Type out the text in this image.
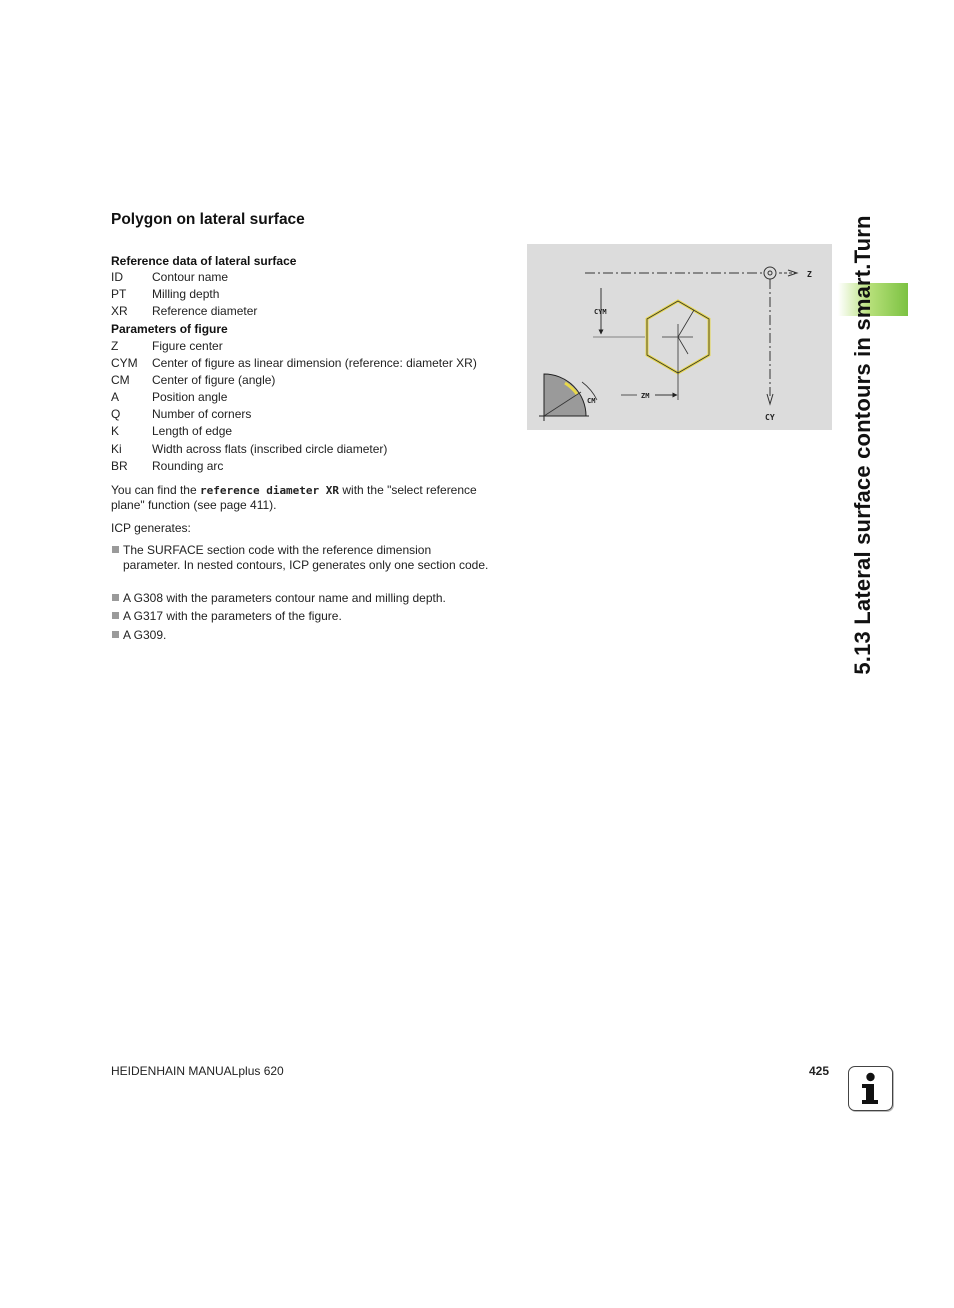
Polygon on lateral surface

Reference data of lateral surface

ID Contour name
PT Milling depth
XR Reference diameter

Parameters of figure

Z	Figure center
CYM Center of figure as linear dimension (reference: diameter XR)
CM Center of figure (angle)
A	Position angle
Q	Number of corners
K	Length of edge
Ki	Width across flats (inscribed circle diameter)
BR Rounding arc

You can find the reference diameter XR with the "select reference plane" function (see page 411).

ICP generates:

The SURFACE section code with the reference dimension parameter. In nested contours, ICP generates only one section code.
A G308 with the parameters contour name and milling depth.
A G317 with the parameters of the figure.
A G309.
Z
CY
CYM
ZM
CM	5.13 Lateral surface contours in smart.Turn
HEIDENHAIN MANUALplus 620	425
